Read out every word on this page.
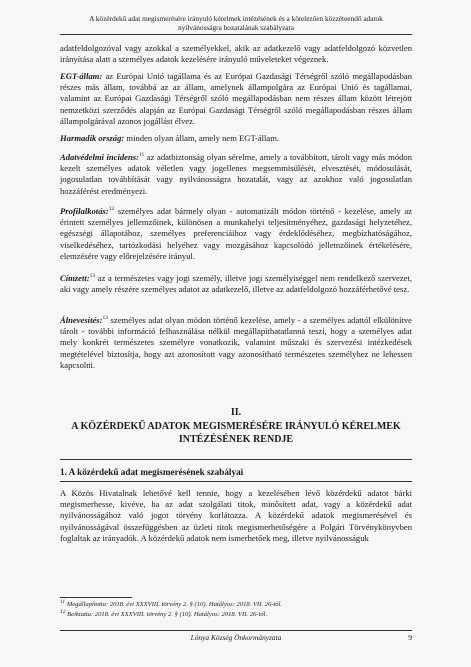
A közérdekű adat megismerésére irányuló kérelmek intézésének és a kötelezően közzéteendő adatok
nyilvánosságra hozatalának szabályzata

adatfeldolgozóval vagy azokkal a személyekkel, akik az adatkezelő vagy adatfeldolgozó közvetlen irányítása alatt a személyes adatok kezelésére irányuló műveleteket végeznek.

EGT-állam: az Európai Unió tagállama és az Európai Gazdasági Térségről szóló megállapodásban részes más állam, továbbá az az állam, amelynek állampolgára az Európai Unió és tagállamai, valamint az Európai Gazdasági Térségről szóló megállapodásban nem részes állam között létrejött nemzetközi szerződés alapján az Európai Gazdasági Térségről szóló megállapodásban részes állam állampolgárával azonos jogállást élvez.

Harmadik ország: minden olyan állam, amely nem EGT-állam.

Adatvédelmi incidens:$^{11}$ az adatbiztonság olyan sérelme, amely a továbbított, tárolt vagy más módon kezelt személyes adatok véletlen vagy jogellenes megsemmisülését, elvesztését, módosulását, jogosulatlan továbbítását vagy nyilvánosságra hozatalát, vagy az azokhoz való jogosulatlan hozzáférést eredményezi.

Profilalkotás:$^{12}$ személyes adat bármely olyan - automatizált módon történő - kezelése, amely az érintett személyes jellemzőinek, különösen a munkahelyi teljesítményéhez, gazdasági helyzetéhez, egészségi állapotához, személyes preferenciáihoz vagy érdeklődéséhez, megbízhatóságához, viselkedéséhez, tartózkodási helyéhez vagy mozgásához kapcsolódó jellemzőinek értékelésére, elemzésére vagy előrejelzésére irányul.

Címzett:$^{13}$ az a természetes vagy jogi személy, illetve jogi személyiséggel nem rendelkező szervezet, aki vagy amely részére személyes adatot az adatkezelő, illetve az adatfeldolgozó hozzáférhetővé tesz.

Álnevesítés:$^{13}$ személyes adat olyan módon történő kezelése, amely - a személyes adattól elkülönítve tárolt - további információ felhasználása nélkül megállapíthatatlanná teszi, hogy a személyes adat mely konkrét természetes személyre vonatkozik, valamint műszaki és szervezési intézkedések megtételével biztosítja, hogy azt azonosított vagy azonosítható természetes személyhez ne lehessen kapcsolni.

II.
A KÖZÉRDEKŰ ADATOK MEGISMERÉSÉRE IRÁNYULÓ KÉRELMEK
INTÉZÉSÉNEK RENDJE
1. A közérdekű adat megismerésének szabályai

A Közös Hivatalnak lehetővé kell tennie, hogy a kezelésében lévő közérdekű adatot bárki megismerhesse, kivéve, ha az adat szolgálati titok, minősített adat, vagy a közérdekű adat nyilvánosságához való jogot törvény korlátozza. A közérdekű adatok megismerésével és nyilvánosságával összefüggésben az üzleti titok megismerhetőségére a Polgári Törvénykönyvben foglaltak az irányadók. A közérdekű adatok nem ismerhetőek meg, illetve nyilvánosságuk

$^{11}$ Megállapította: 2018. évi XXXVIII. törvény 2. § (10). Hatályos: 2018. VII. 26-tól.
$^{12}$ Beiktatta: 2018. évi XXXVIII. törvény 2. § (10). Hatályos: 2018. VII. 26-tól.
Lónya Község Önkormányzata	9
